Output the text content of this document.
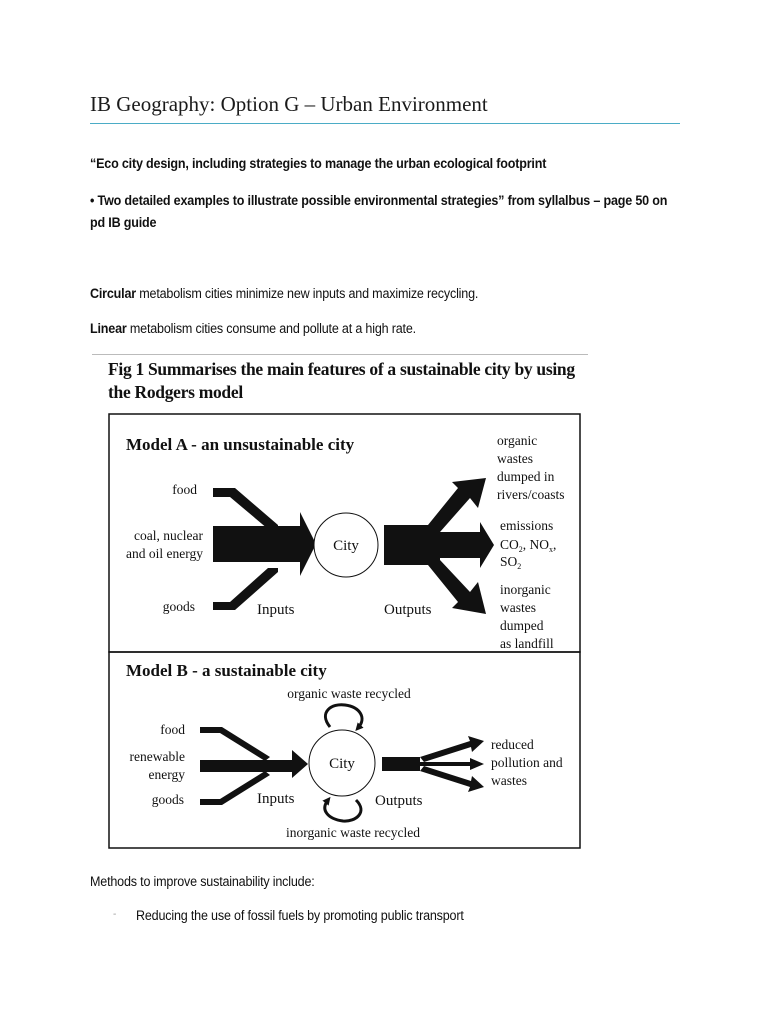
IB Geography: Option G – Urban Environment
“Eco city design, including strategies to manage the urban ecological footprint
• Two detailed examples to illustrate possible environmental strategies” from syllalbus – page 50 on
pd IB guide
Circular metabolism cities minimize new inputs and maximize recycling.
Linear metabolism cities consume and pollute at a high rate.
Fig 1 Summarises the main features of a sustainable city by using
the Rodgers model
Model A - an unsustainable city
food
coal, nuclear
and oil energy
goods	Inputs
City
Outputs
organic
wastes
dumped in
rivers/coasts
emissions
$CO_2$, $NO_x$,
$SO_2$
inorganic
wastes
dumped
as landfill
Model B - a sustainable city
organic waste recycled
inorganic waste recycled
food
renewable
energy
goods	Inputs
City
Outputs
reduced
pollution and
wastes
Methods to improve sustainability include:
- Reducing the use of fossil fuels by promoting public transport
